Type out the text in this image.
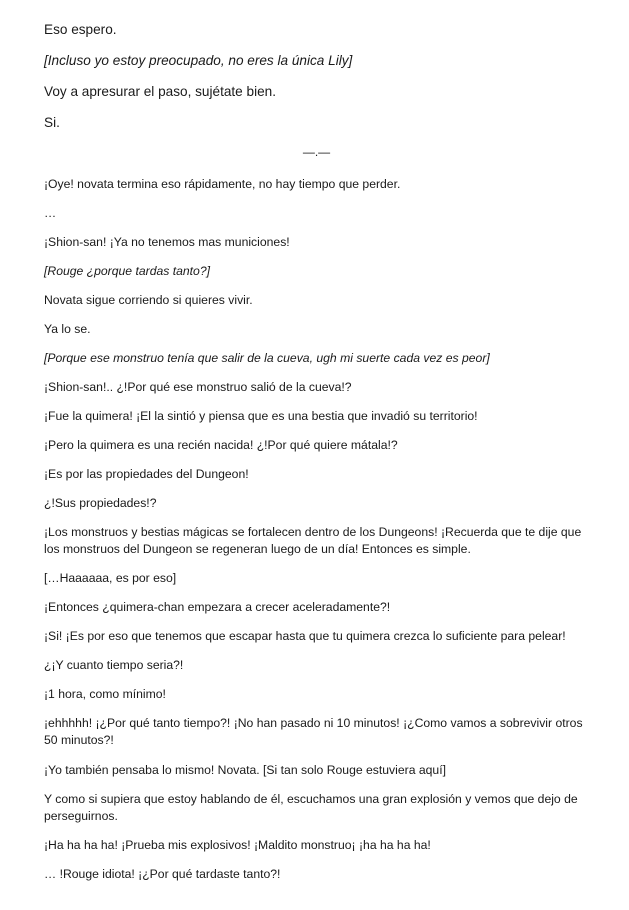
Eso espero.
[Incluso yo estoy preocupado, no eres la única Lily]
Voy a apresurar el paso, sujétate bien.
Si.
—.—
¡Oye! novata termina eso rápidamente, no hay tiempo que perder.
…
¡Shion-san! ¡Ya no tenemos mas municiones!
[Rouge ¿porque tardas tanto?]
Novata sigue corriendo si quieres vivir.
Ya lo se.
[Porque ese monstruo tenía que salir de la cueva, ugh mi suerte cada vez es peor]
¡Shion-san!.. ¿!Por qué ese monstruo salió de la cueva!?
¡Fue la quimera! ¡El la sintió y piensa que es una bestia que invadió su territorio!
¡Pero la quimera es una recién nacida! ¿!Por qué quiere mátala!?
¡Es por las propiedades del Dungeon!
¿!Sus propiedades!?
¡Los monstruos y bestias mágicas se fortalecen dentro de los Dungeons! ¡Recuerda que te dije que los monstruos del Dungeon se regeneran luego de un día! Entonces es simple.
[…Haaaaaa, es por eso]
¡Entonces ¿quimera-chan empezara a crecer aceleradamente?!
¡Si! ¡Es por eso que tenemos que escapar hasta que tu quimera crezca lo suficiente para pelear!
¿¡Y cuanto tiempo seria?!
¡1 hora, como mínimo!
¡ehhhhh! ¡¿Por qué tanto tiempo?! ¡No han pasado ni 10 minutos! ¡¿Como vamos a sobrevivir otros 50 minutos?!
¡Yo también pensaba lo mismo! Novata. [Si tan solo Rouge estuviera aquí]
Y como si supiera que estoy hablando de él, escuchamos una gran explosión y vemos que dejo de perseguirnos.
¡Ha ha ha ha! ¡Prueba mis explosivos! ¡Maldito monstruo¡ ¡ha ha ha ha!
… !Rouge idiota! ¡¿Por qué tardaste tanto?!
